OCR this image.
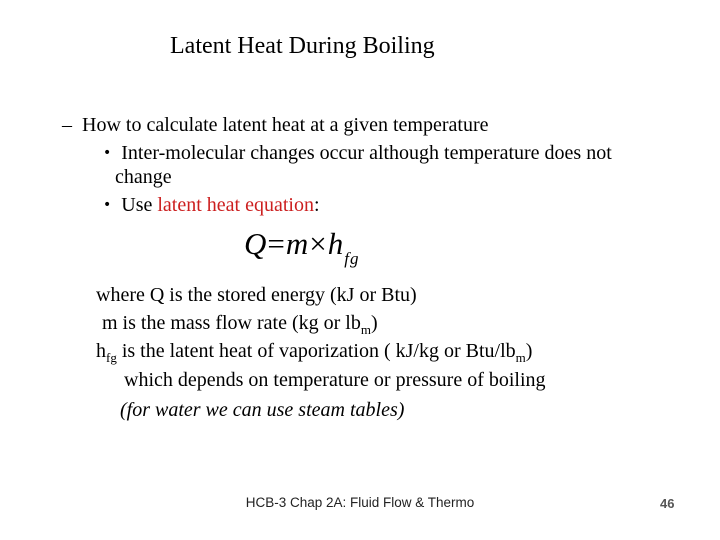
Latent Heat During Boiling
– How to calculate latent heat at a given temperature
• Inter-molecular changes occur although temperature does not
change
• Use latent heat equation:
$Q=m\times h_{fg}$
where Q is the stored energy (kJ or Btu)
m is the mass flow rate (kg or $lb_m$)
$h_{fg}$ is the latent heat of vaporization ( kJ/kg or Btu/$lb_m$)
which depends on temperature or pressure of boiling
(for water we can use steam tables)
HCB-3 Chap 2A: Fluid Flow & Thermo	46
